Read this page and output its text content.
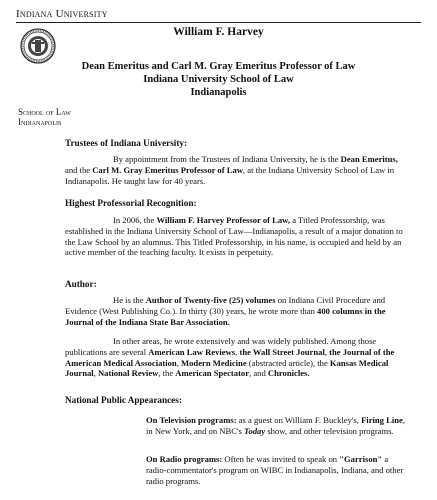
Indiana University
William F. Harvey
Dean Emeritus and Carl M. Gray Emeritus Professor of Law
Indiana University School of Law
Indianapolis
School of Law
Indianapolis
Trustees of Indiana University:

By appointment from the Trustees of Indiana University, he is the Dean Emeritus, and the Carl M. Gray Emeritus Professor of Law, at the Indiana University School of Law in Indianapolis. He taught law for 40 years.

Highest Professorial Recognition:

In 2006, the William F. Harvey Professor of Law, a Titled Professorship, was established in the Indiana University School of Law—Indianapolis, a result of a major donation to the Law School by an alumnus. This Titled Professorship, in his name, is occupied and held by an active member of the teaching faculty. It exists in perpetuity.

Author:

He is the Author of Twenty-five (25) volumes on Indiana Civil Procedure and Evidence (West Publishing Co.). In thirty (30) years, he wrote more than 400 columns in the Journal of the Indiana State Bar Association.

In other areas, he wrote extensively and was widely published. Among those publications are several American Law Reviews, the Wall Street Journal, the Journal of the American Medical Association, Modern Medicine (abstracted article), the Kansas Medical Journal, National Review, the American Spectator, and Chronicles.

National Public Appearances:

On Television programs: as a guest on William F. Buckley's, Firing Line, in New York, and on NBC's Today show, and other television programs.

On Radio programs: Often he was invited to speak on "Garrison" a radio-commentator's program on WIBC in Indianapolis, Indiana, and other radio programs.
